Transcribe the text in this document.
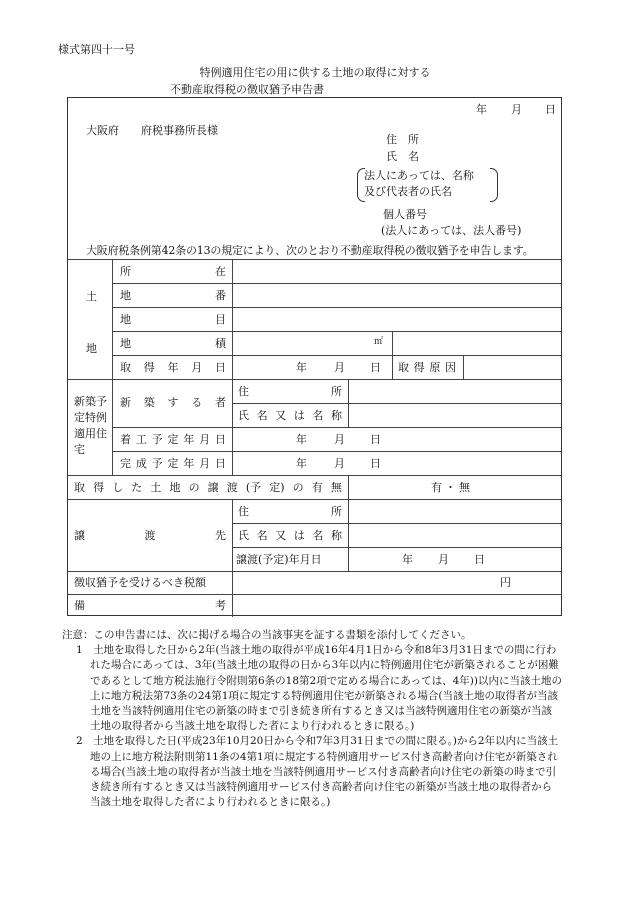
様式第四十一号
特例適用住宅の用に供する土地の取得に対する
不動産取得税の徴収猶予申告書
年 月 日
大阪府　　府税事務所長様
住　所
氏　名
法人にあっては、名称
及び代表者の氏名
個人番号
(法人にあっては、法人番号)
大阪府税条例第42条の13の規定により、次のとおり不動産取得税の徴収猶予を申告します。
土
地
所	在
地	番
地	目
地	積	㎡
取 得 年 月 日	年 月 日 取 得 原 因
新築予
定特例
適用住
宅
新 築 す る 者
住	所
氏 名 又 は 名 称
着 工 予 定 年 月 日	年 月 日
完 成 予 定 年 月 日	年 月 日
取 得 し た 土 地 の 譲 渡 (予 定) の 有 無	有・無
譲	渡	先
住	所
氏 名 又 は 名 称
譲渡(予定)年月日	年 月 日
徴収猶予を受けるべき税額	円
備	考

注意：この申告書には、次に掲げる場合の当該事実を証する書類を添付してください。

1　土地を取得した日から2年(当該土地の取得が平成16年4月1日から令和8年3月31日までの間に行われた場合にあっては、3年(当該土地の取得の日から3年以内に特例適用住宅が新築されることが困難であるとして地方税法施行令附則第6条の18第2項で定める場合にあっては、4年))以内に当該土地の上に地方税法第73条の24第1項に規定する特例適用住宅が新築される場合(当該土地の取得者が当該土地を当該特例適用住宅の新築の時まで引き続き所有するとき又は当該特例適用住宅の新築が当該土地の取得者から当該土地を取得した者により行われるときに限る。)

2　土地を取得した日(平成23年10月20日から令和7年3月31日までの間に限る。)から2年以内に当該土地の上に地方税法附則第11条の4第1項に規定する特例適用サービス付き高齢者向け住宅が新築される場合(当該土地の取得者が当該土地を当該特例適用サービス付き高齢者向け住宅の新築の時まで引き続き所有するとき又は当該特例適用サービス付き高齢者向け住宅の新築が当該土地の取得者から当該土地を取得した者により行われるときに限る。)
